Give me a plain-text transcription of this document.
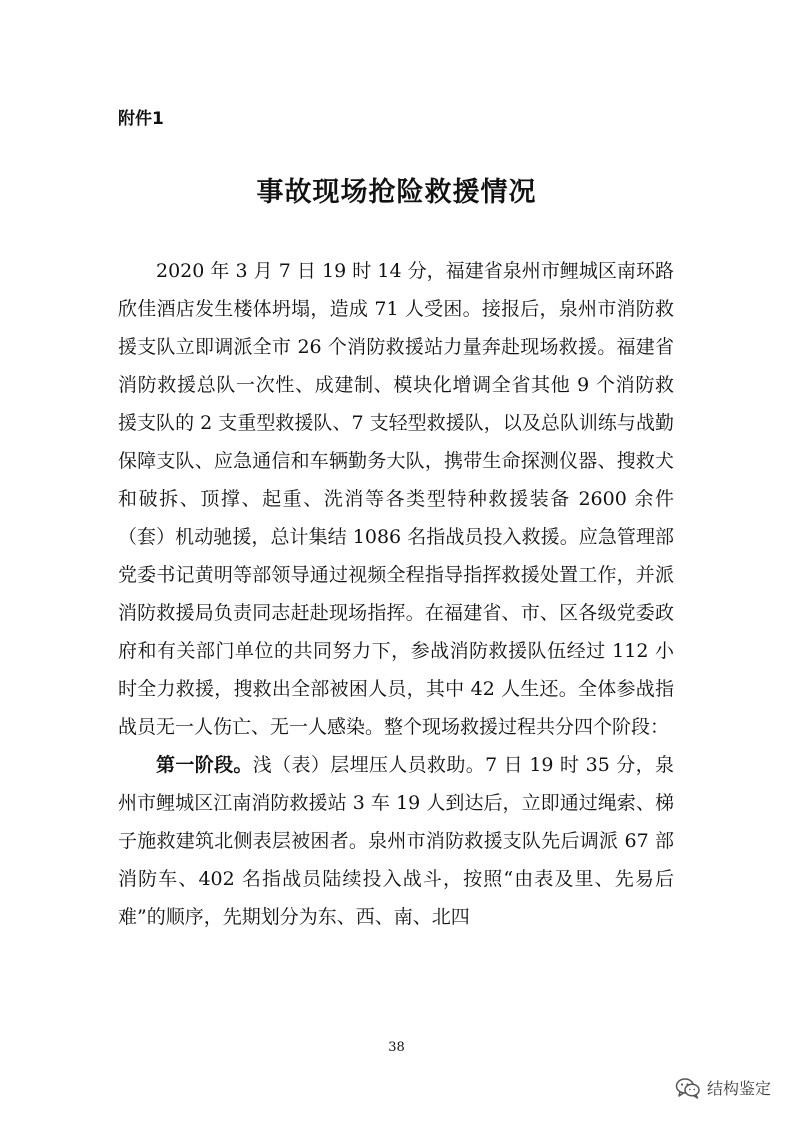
附件1
事故现场抢险救援情况

2020 年 3 月 7 日 19 时 14 分，福建省泉州市鲤城区南环路欣佳酒店发生楼体坍塌，造成 71 人受困。接报后，泉州市消防救援支队立即调派全市 26 个消防救援站力量奔赴现场救援。福建省消防救援总队一次性、成建制、模块化增调全省其他 9 个消防救援支队的 2 支重型救援队、7 支轻型救援队，以及总队训练与战勤保障支队、应急通信和车辆勤务大队，携带生命探测仪器、搜救犬和破拆、顶撑、起重、洗消等各类型特种救援装备 2600 余件（套）机动驰援，总计集结 1086 名指战员投入救援。应急管理部党委书记黄明等部领导通过视频全程指导指挥救援处置工作，并派消防救援局负责同志赶赴现场指挥。在福建省、市、区各级党委政府和有关部门单位的共同努力下，参战消防救援队伍经过 112 小时全力救援，搜救出全部被困人员，其中 42 人生还。全体参战指战员无一人伤亡、无一人感染。整个现场救援过程共分四个阶段：

第一阶段。浅（表）层埋压人员救助。7 日 19 时 35 分，泉州市鲤城区江南消防救援站 3 车 19 人到达后，立即通过绳索、梯子施救建筑北侧表层被困者。泉州市消防救援支队先后调派 67 部消防车、402 名指战员陆续投入战斗，按照“由表及里、先易后难”的顺序，先期划分为东、西、南、北四

38
结构鉴定
